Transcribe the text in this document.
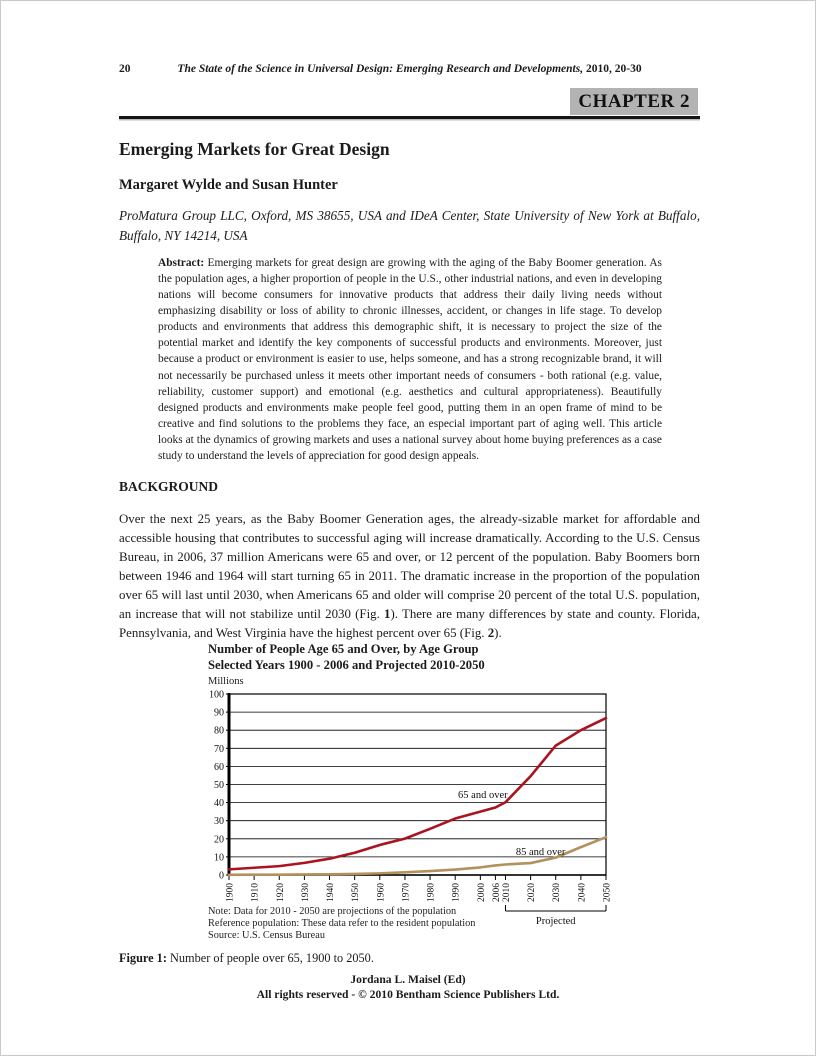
20	The State of the Science in Universal Design: Emerging Research and Developments, 2010, 20-30
CHAPTER 2
Emerging Markets for Great Design
Margaret Wylde and Susan Hunter
ProMatura Group LLC, Oxford, MS 38655, USA and IDeA Center, State University of New York at Buffalo, Buffalo, NY 14214, USA
Abstract: Emerging markets for great design are growing with the aging of the Baby Boomer generation. As the population ages, a higher proportion of people in the U.S., other industrial nations, and even in developing nations will become consumers for innovative products that address their daily living needs without emphasizing disability or loss of ability to chronic illnesses, accident, or changes in life stage. To develop products and environments that address this demographic shift, it is necessary to project the size of the potential market and identify the key components of successful products and environments. Moreover, just because a product or environment is easier to use, helps someone, and has a strong recognizable brand, it will not necessarily be purchased unless it meets other important needs of consumers - both rational (e.g. value, reliability, customer support) and emotional (e.g. aesthetics and cultural appropriateness). Beautifully designed products and environments make people feel good, putting them in an open frame of mind to be creative and find solutions to the problems they face, an especial important part of aging well. This article looks at the dynamics of growing markets and uses a national survey about home buying preferences as a case study to understand the levels of appreciation for good design appeals.
BACKGROUND
Over the next 25 years, as the Baby Boomer Generation ages, the already-sizable market for affordable and accessible housing that contributes to successful aging will increase dramatically. According to the U.S. Census Bureau, in 2006, 37 million Americans were 65 and over, or 12 percent of the population. Baby Boomers born between 1946 and 1964 will start turning 65 in 2011. The dramatic increase in the proportion of the population over 65 will last until 2030, when Americans 65 and older will comprise 20 percent of the total U.S. population, an increase that will not stabilize until 2030 (Fig. 1). There are many differences by state and county. Florida, Pennsylvania, and West Virginia have the highest percent over 65 (Fig. 2).
Number of People Age 65 and Over, by Age Group
Selected Years 1900 - 2006 and Projected 2010-2050
Millions
0
10
20
30
40
50
60
70
80
90
100
1900 1910 1920 1930 1940 1950 1960 1970 1980 1990 2000 2006 2010 2020 2030 2040 2050
65 and over
85 and over
Projected
Note: Data for 2010 - 2050 are projections of the population
Reference population: These data refer to the resident population
Source: U.S. Census Bureau
Figure 1: Number of people over 65, 1900 to 2050.
Jordana L. Maisel (Ed)
All rights reserved - © 2010 Bentham Science Publishers Ltd.
